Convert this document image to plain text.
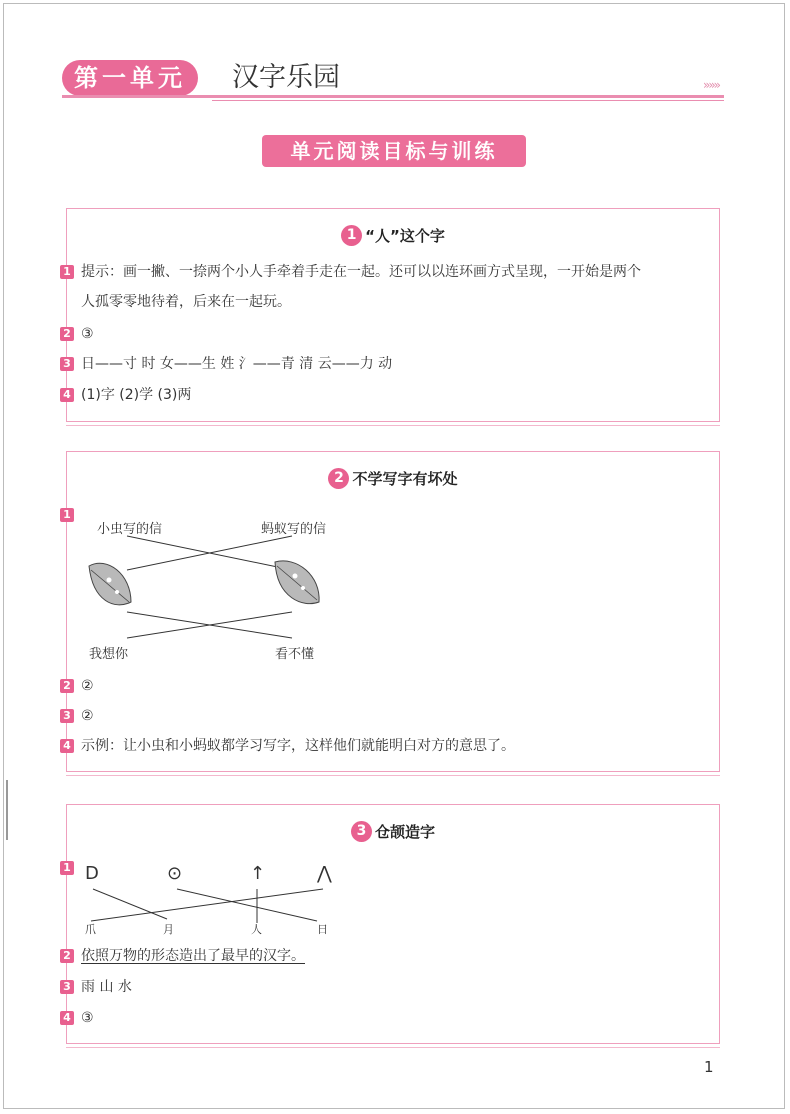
第一单元	汉字乐园	»»»
单元阅读目标与训练
1 “人”这个字
1 提示：画一撇、一捺两个小人手牵着手走在一起。还可以以连环画方式呈现，一开始是两个
人孤零零地待着，后来在一起玩。
2 ③
3 日——寸 时 女——生 姓 氵——青 清 云——力 动
4 (1)字 (2)学 (3)两
2 不学写字有坏处
1
小虫写的信	蚂蚁写的信
我想你	看不懂
2 ②
3 ②
4 示例：让小虫和小蚂蚁都学习写字，这样他们就能明白对方的意思了。
3 仓颉造字
1 D	⊙	↑	⋀
爪	月	人	日
2 依照万物的形态造出了最早的汉字。
3 雨 山 水
4 ③
1
